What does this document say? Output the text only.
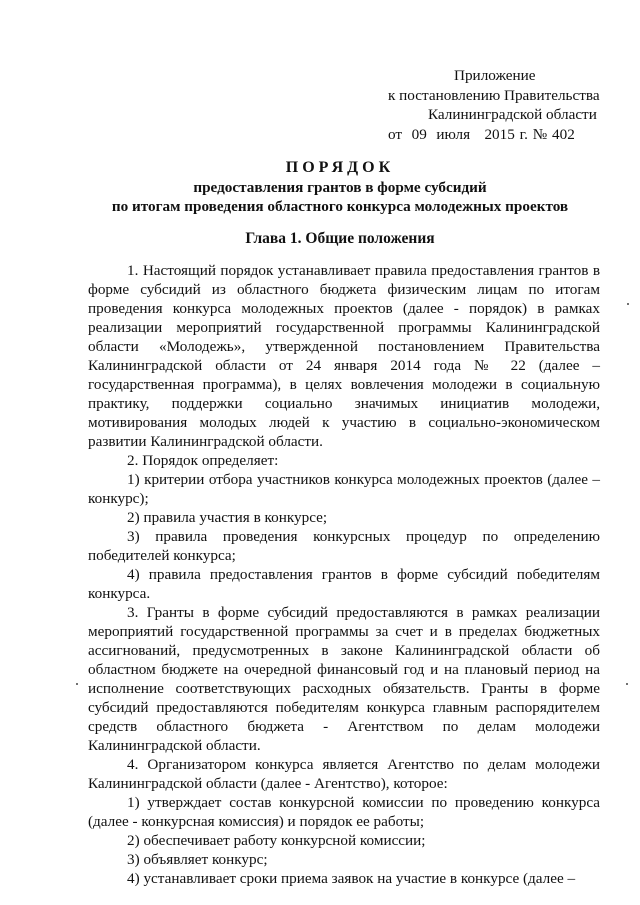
Приложение
к постановлению Правительства
Калининградской области
от  09  июля   2015 г. № 402
ПОРЯДОК
предоставления грантов в форме субсидий
по итогам проведения областного конкурса молодежных проектов
Глава 1. Общие положения

1. Настоящий порядок устанавливает правила предоставления грантов в форме субсидий из областного бюджета физическим лицам по итогам проведения конкурса молодежных проектов (далее - порядок) в рамках реализации мероприятий государственной программы Калининградской области «Молодежь», утвержденной постановлением Правительства Калининградской области от 24 января 2014 года № 22 (далее – государственная программа), в целях вовлечения молодежи в социальную практику, поддержки социально значимых инициатив молодежи, мотивирования молодых людей к участию в социально-экономическом развитии Калининградской области.

2. Порядок определяет:

1) критерии отбора участников конкурса молодежных проектов (далее – конкурс);

2) правила участия в конкурсе;

3) правила проведения конкурсных процедур по определению победителей конкурса;

4) правила предоставления грантов в форме субсидий победителям конкурса.

3. Гранты в форме субсидий предоставляются в рамках реализации мероприятий государственной программы за счет и в пределах бюджетных ассигнований, предусмотренных в законе Калининградской области об областном бюджете на очередной финансовый год и на плановый период на исполнение соответствующих расходных обязательств. Гранты в форме субсидий предоставляются победителям конкурса главным распорядителем средств областного бюджета - Агентством по делам молодежи Калининградской области.

4. Организатором конкурса является Агентство по делам молодежи Калининградской области (далее - Агентство), которое:

1) утверждает состав конкурсной комиссии по проведению конкурса (далее - конкурсная комиссия) и порядок ее работы;

2) обеспечивает работу конкурсной комиссии;

3) объявляет конкурс;

4) устанавливает сроки приема заявок на участие в конкурсе (далее –
